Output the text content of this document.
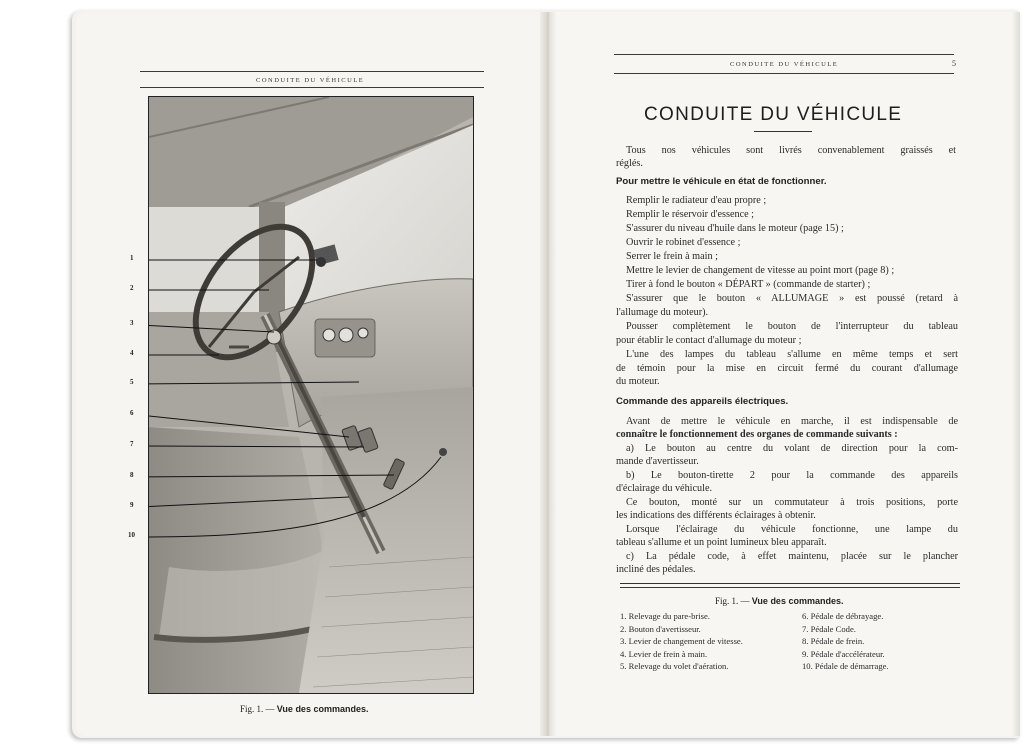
CONDUITE DU VÉHICULE
1
2
3
4
5
6
7
8
9
10
Fig. 1. — Vue des commandes.
CONDUITE DU VÉHICULE	5
CONDUITE DU VÉHICULE
Tous nos véhicules sont livrés convenablement graissés et
réglés.
Pour mettre le véhicule en état de fonctionner.
Remplir le radiateur d'eau propre ;
Remplir le réservoir d'essence ;
S'assurer du niveau d'huile dans le moteur (page 15) ;
Ouvrir le robinet d'essence ;
Serrer le frein à main ;
Mettre le levier de changement de vitesse au point mort (page 8) ;
Tirer à fond le bouton « DÉPART » (commande de starter) ;
S'assurer que le bouton « ALLUMAGE » est poussé (retard à
l'allumage du moteur).
Pousser complètement le bouton de l'interrupteur du tableau
pour établir le contact d'allumage du moteur ;
L'une des lampes du tableau s'allume en même temps et sert
de témoin pour la mise en circuit fermé du courant d'allumage
du moteur.
Commande des appareils électriques.
Avant de mettre le véhicule en marche, il est indispensable de
connaître le fonctionnement des organes de commande suivants :
a) Le bouton au centre du volant de direction pour la com-
mande d'avertisseur.
b) Le bouton-tirette 2 pour la commande des appareils
d'éclairage du véhicule.
Ce bouton, monté sur un commutateur à trois positions, porte
les indications des différents éclairages à obtenir.
Lorsque l'éclairage du véhicule fonctionne, une lampe du
tableau s'allume et un point lumineux bleu apparaît.
c) La pédale code, à effet maintenu, placée sur le plancher
incliné des pédales.
Fig. 1. — Vue des commandes.
1. Relevage du pare-brise.
2. Bouton d'avertisseur.
3. Levier de changement de vitesse.
4. Levier de frein à main.
5. Relevage du volet d'aération.
6. Pédale de débrayage.
7. Pédale Code.
8. Pédale de frein.
9. Pédale d'accélérateur.
10. Pédale de démarrage.
